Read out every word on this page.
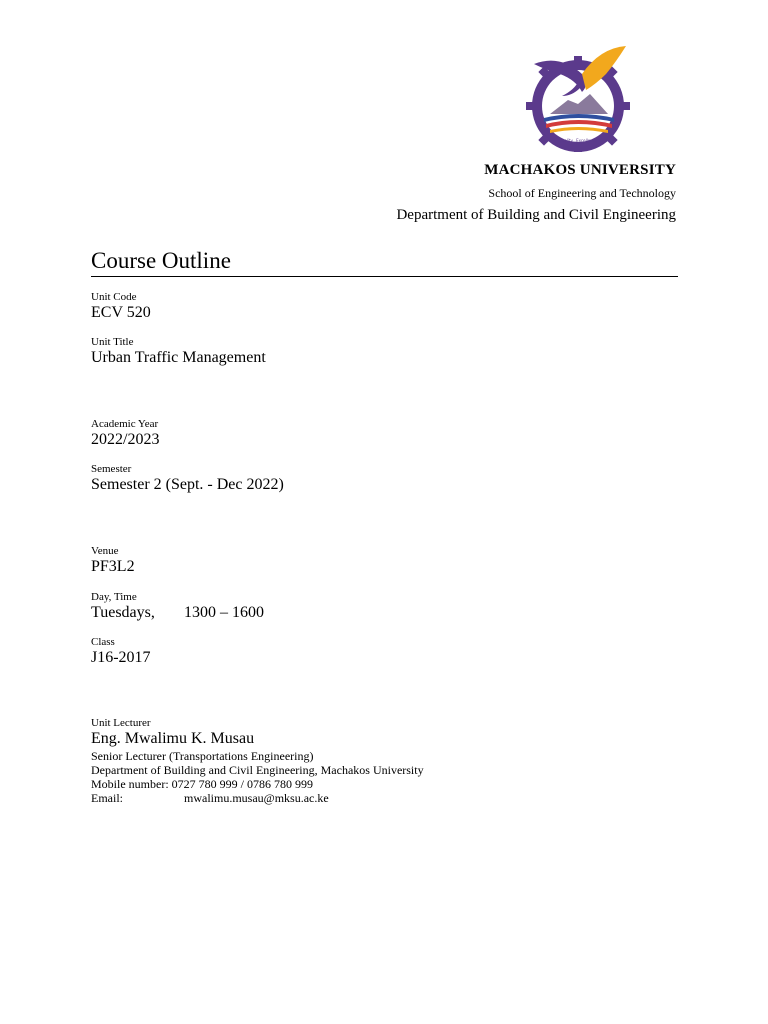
Quality...Excellence
MACHAKOS UNIVERSITY
School of Engineering and Technology
Department of Building and Civil Engineering
Course Outline
Unit Code
ECV 520
Unit Title
Urban Traffic Management
Academic Year
2022/2023
Semester
Semester 2 (Sept. - Dec 2022)
Venue
PF3L2
Day, Time
Tuesdays, 1300 – 1600
Class
J16-2017
Unit Lecturer
Eng. Mwalimu K. Musau
Senior Lecturer (Transportations Engineering)
Department of Building and Civil Engineering, Machakos University
Mobile number: 0727 780 999 / 0786 780 999
Email:	mwalimu.musau@mksu.ac.ke
